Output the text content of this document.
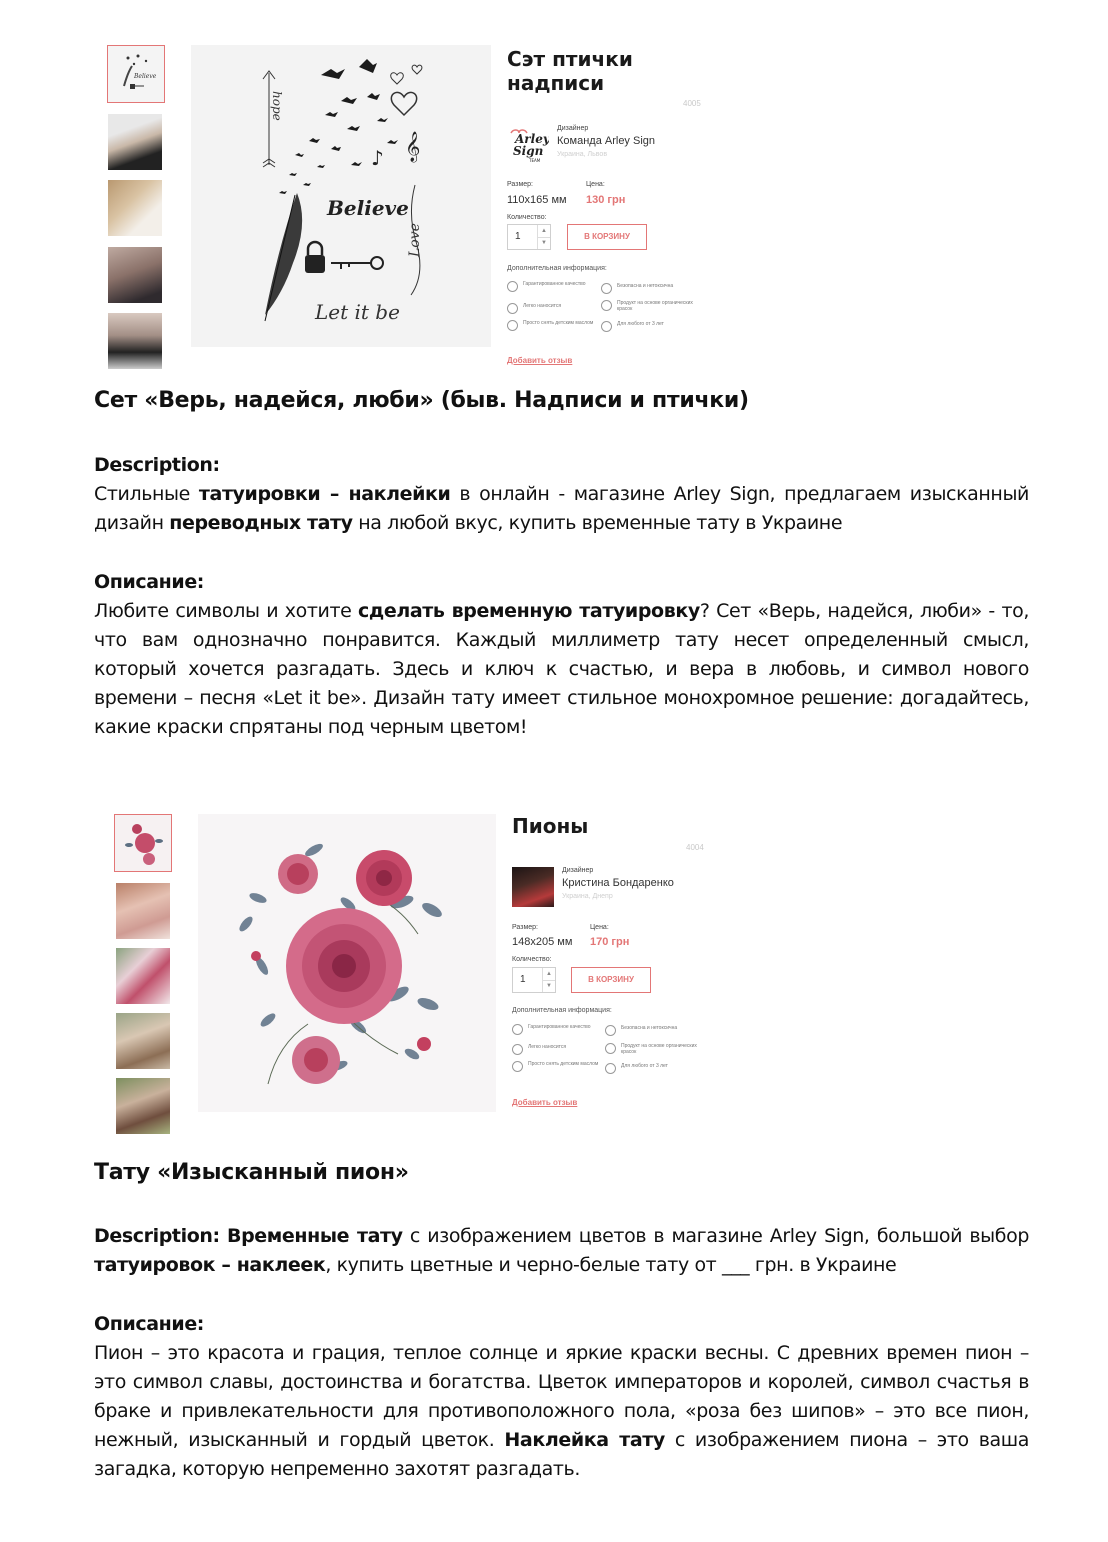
Believe
♪ 𝄞
hope
Believe
Love
Let it be
Сэт птички надписи
4005
Arley
Sign
TEAM
Дизайнер
Команда Arley Sign
Украина, Львов
Размер:
110x165 мм
Цена:
130 грн
Количество:
1	▲
▼
В КОРЗИНУ
Дополнительная информация:
Гарантированное качество
Легко наносится
Просто снять детским маслом
Безопасна и нетоксична
Продукт на основе органических красок
Для любого от 3 лет
Добавить отзыв
Сет «Верь, надейся, люби» (быв. Надписи и птички)
Description:
Стильные татуировки – наклейки в онлайн - магазине Arley Sign, предлагаем изысканный дизайн переводных тату на любой вкус, купить временные тату в Украине
Описание:
Любите символы и хотите сделать временную татуировку? Сет «Верь, надейся, люби» - то, что вам однозначно понравится. Каждый миллиметр тату несет определенный смысл, который хочется разгадать. Здесь и ключ к счастью, и вера в любовь, и символ нового времени – песня «Let it be». Дизайн тату имеет стильное монохромное решение: догадайтесь, какие краски спрятаны под черным цветом!
Пионы
4004
Дизайнер
Кристина Бондаренко
Украина, Днепр
Размер:
148x205 мм
Цена:
170 грн
Количество:
1	▲
▼
В КОРЗИНУ
Дополнительная информация:
Гарантированное качество
Легко наносится
Просто снять детским маслом
Безопасна и нетоксична
Продукт на основе органических красок
Для любого от 3 лет
Добавить отзыв
Тату «Изысканный пион»
Description: Временные тату с изображением цветов в магазине Arley Sign, большой выбор татуировок – наклеек, купить цветные и черно-белые тату от ___ грн. в Украине
Описание:
Пион – это красота и грация, теплое солнце и яркие краски весны. С древних времен пион – это символ славы, достоинства и богатства. Цветок императоров и королей, символ счастья в браке и привлекательности для противоположного пола, «роза без шипов» – это все пион, нежный, изысканный и гордый цветок. Наклейка тату с изображением пиона – это ваша загадка, которую непременно захотят разгадать.
